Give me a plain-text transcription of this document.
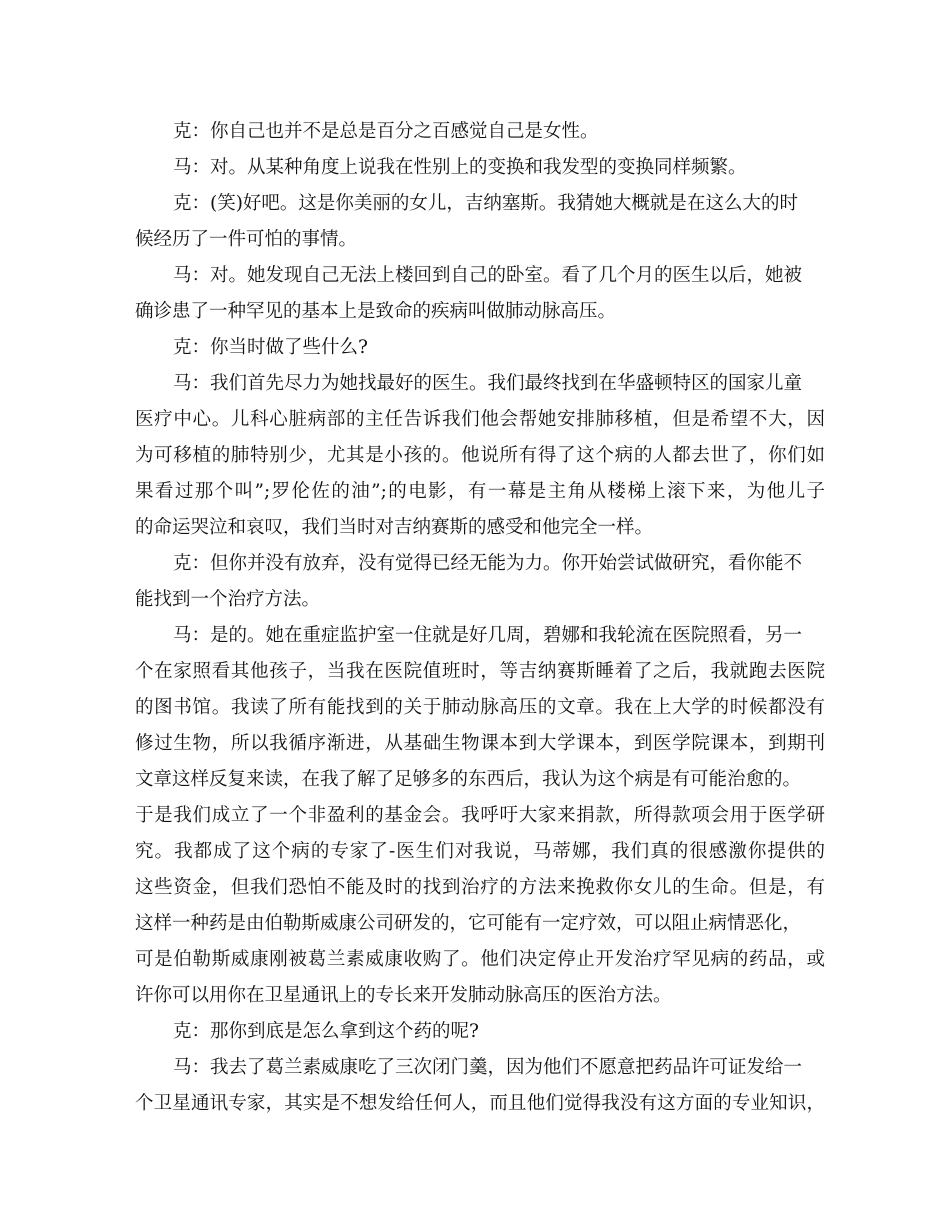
克：你自己也并不是总是百分之百感觉自己是女性。
马：对。从某种角度上说我在性别上的变换和我发型的变换同样频繁。
克：(笑)好吧。这是你美丽的女儿，吉纳塞斯。我猜她大概就是在这么大的时
候经历了一件可怕的事情。
马：对。她发现自己无法上楼回到自己的卧室。看了几个月的医生以后，她被
确诊患了一种罕见的基本上是致命的疾病叫做肺动脉高压。
克：你当时做了些什么?
马：我们首先尽力为她找最好的医生。我们最终找到在华盛顿特区的国家儿童
医疗中心。儿科心脏病部的主任告诉我们他会帮她安排肺移植，但是希望不大，因
为可移植的肺特别少，尤其是小孩的。他说所有得了这个病的人都去世了，你们如
果看过那个叫”;罗伦佐的油”;的电影，有一幕是主角从楼梯上滚下来，为他儿子
的命运哭泣和哀叹，我们当时对吉纳赛斯的感受和他完全一样。
克：但你并没有放弃，没有觉得已经无能为力。你开始尝试做研究，看你能不
能找到一个治疗方法。
马：是的。她在重症监护室一住就是好几周，碧娜和我轮流在医院照看，另一
个在家照看其他孩子，当我在医院值班时，等吉纳赛斯睡着了之后，我就跑去医院
的图书馆。我读了所有能找到的关于肺动脉高压的文章。我在上大学的时候都没有
修过生物，所以我循序渐进，从基础生物课本到大学课本，到医学院课本，到期刊
文章这样反复来读，在我了解了足够多的东西后，我认为这个病是有可能治愈的。
于是我们成立了一个非盈利的基金会。我呼吁大家来捐款，所得款项会用于医学研
究。我都成了这个病的专家了-医生们对我说，马蒂娜，我们真的很感激你提供的
这些资金，但我们恐怕不能及时的找到治疗的方法来挽救你女儿的生命。但是，有
这样一种药是由伯勒斯威康公司研发的，它可能有一定疗效，可以阻止病情恶化，
可是伯勒斯威康刚被葛兰素威康收购了。他们决定停止开发治疗罕见病的药品，或
许你可以用你在卫星通讯上的专长来开发肺动脉高压的医治方法。
克：那你到底是怎么拿到这个药的呢?
马：我去了葛兰素威康吃了三次闭门羹，因为他们不愿意把药品许可证发给一
个卫星通讯专家，其实是不想发给任何人，而且他们觉得我没有这方面的专业知识，
